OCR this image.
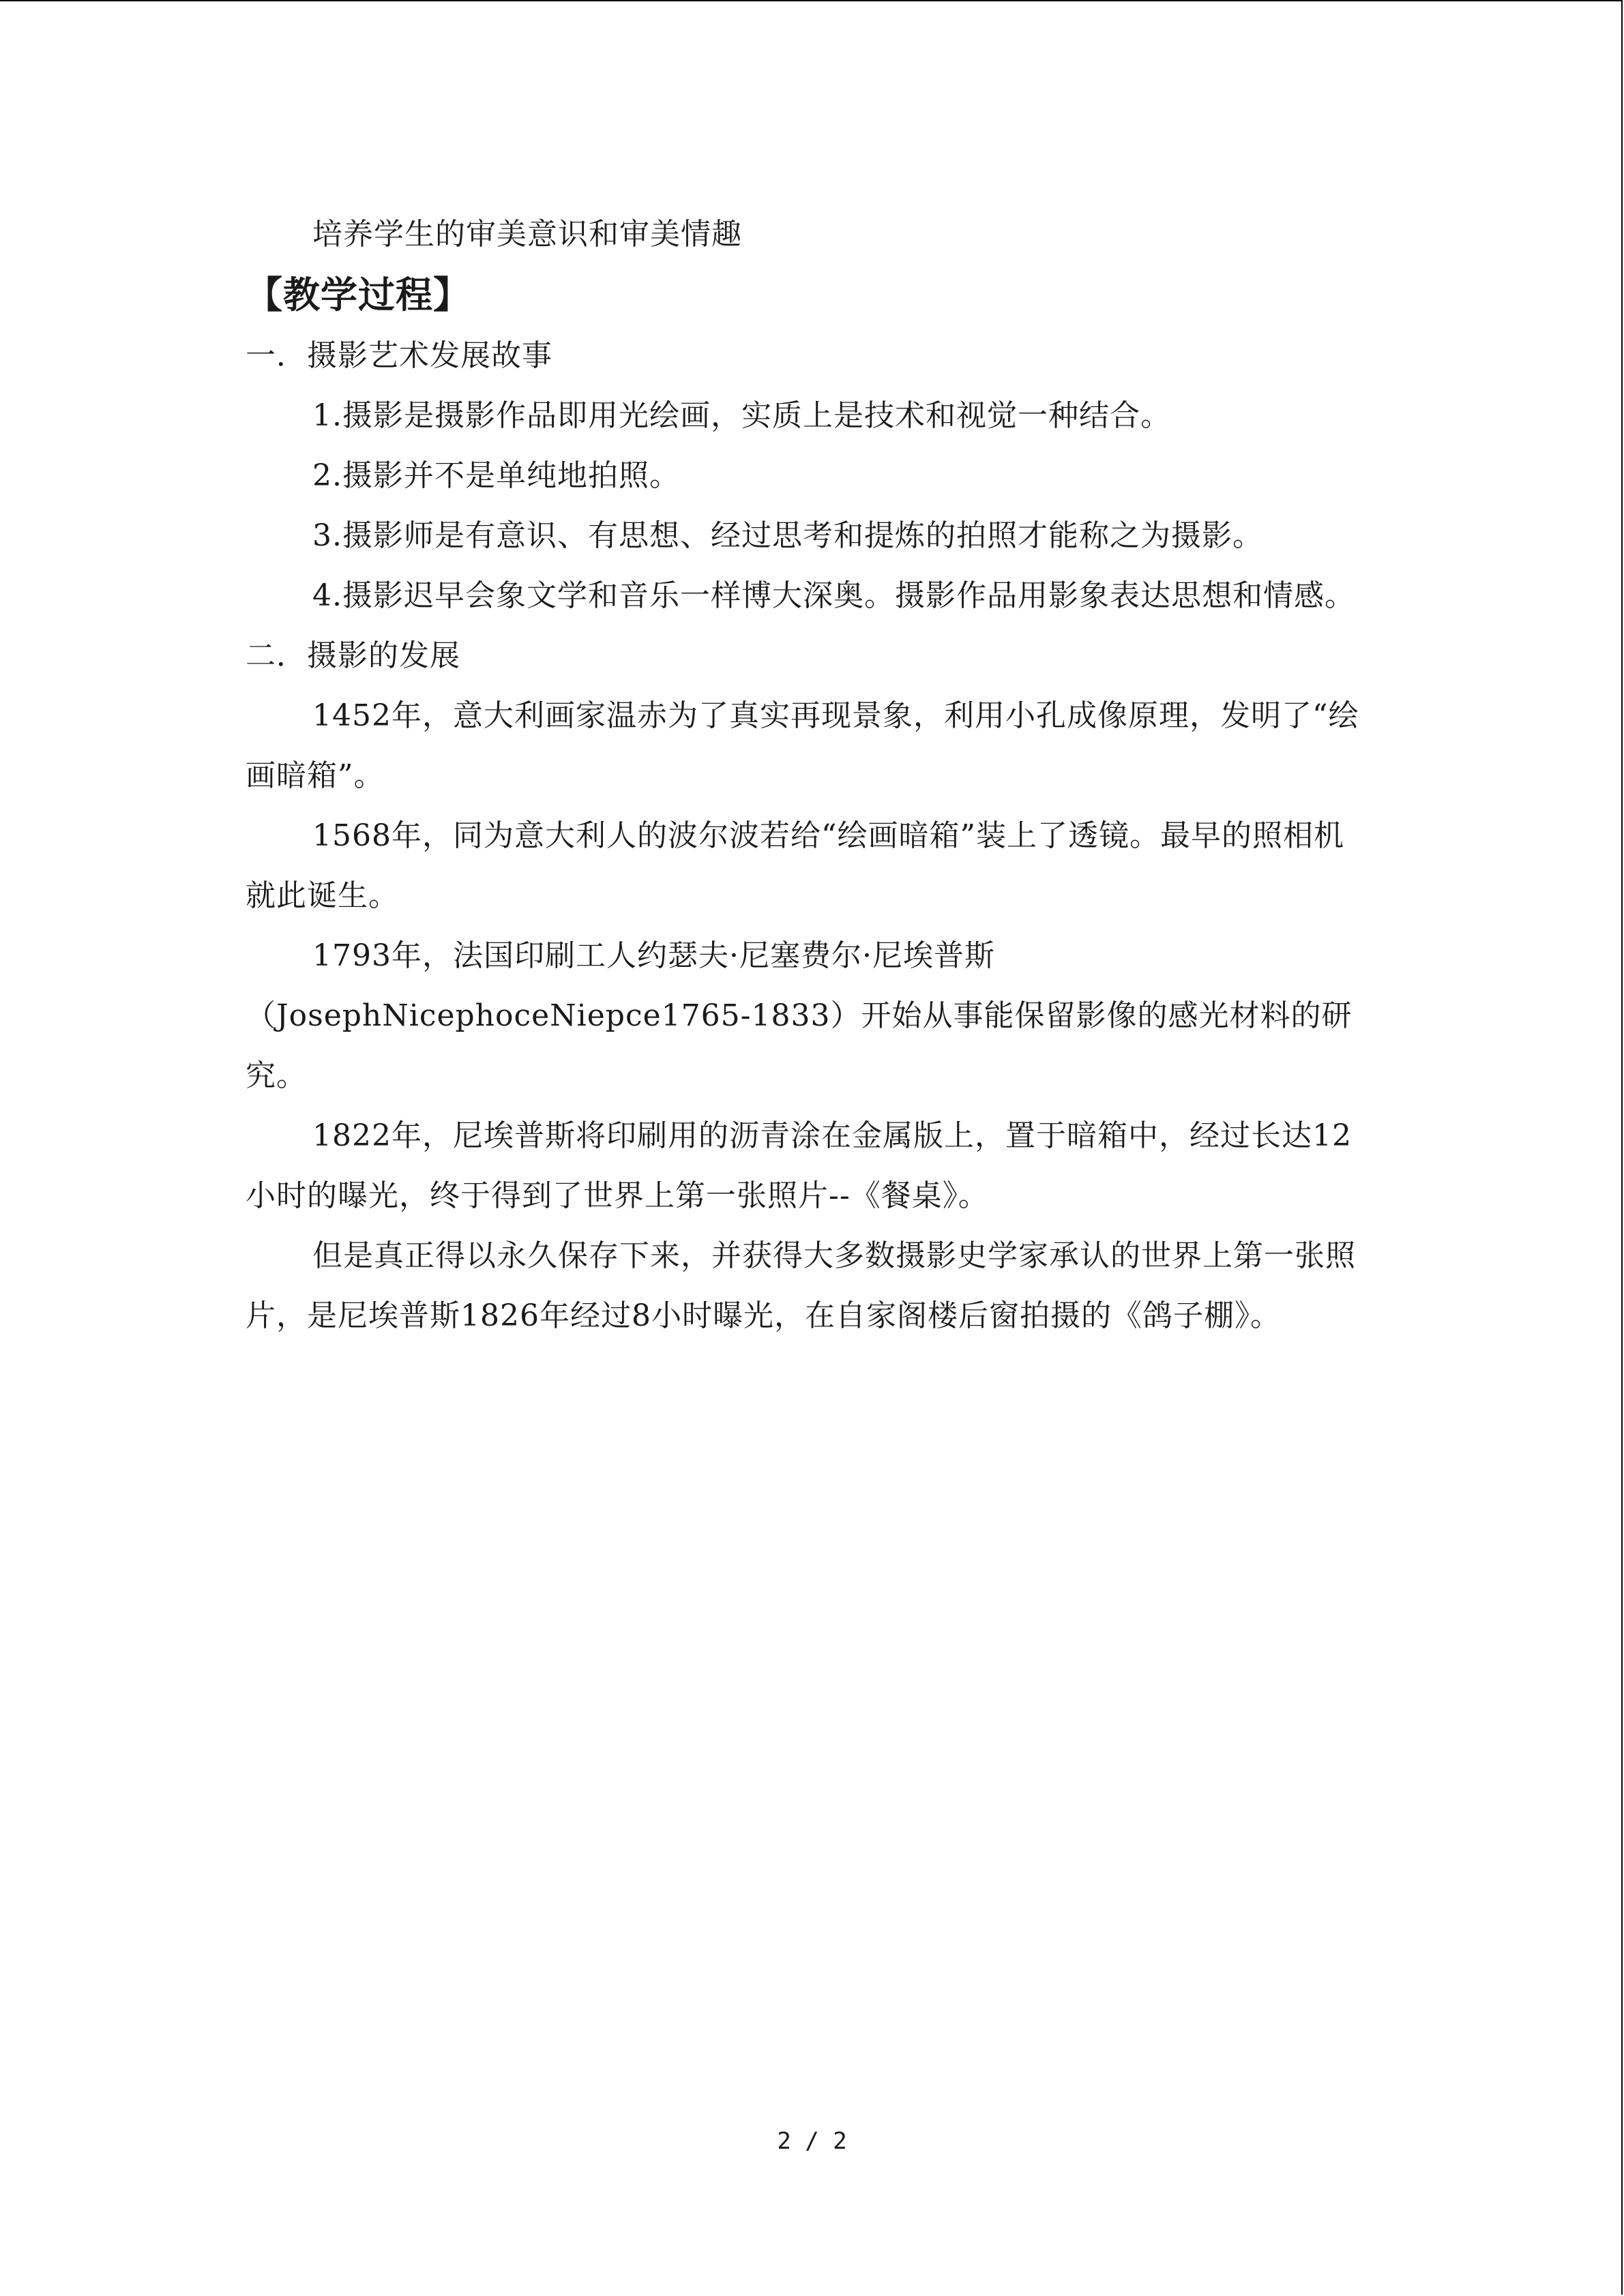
培养学生的审美意识和审美情趣

【教学过程】

一．摄影艺术发展故事

1.摄影是摄影作品即用光绘画，实质上是技术和视觉一种结合。

2.摄影并不是单纯地拍照。

3.摄影师是有意识、有思想、经过思考和提炼的拍照才能称之为摄影。

4.摄影迟早会象文学和音乐一样博大深奥。摄影作品用影象表达思想和情感。

二．摄影的发展

1452年，意大利画家温赤为了真实再现景象，利用小孔成像原理，发明了“绘画暗箱”。

1568年，同为意大利人的波尔波若给“绘画暗箱”装上了透镜。最早的照相机就此诞生。

1793年，法国印刷工人约瑟夫·尼塞费尔·尼埃普斯（JosephNicephoceNiepce1765-1833）开始从事能保留影像的感光材料的研究。

1822年，尼埃普斯将印刷用的沥青涂在金属版上，置于暗箱中，经过长达12小时的曝光，终于得到了世界上第一张照片--《餐桌》。

但是真正得以永久保存下来，并获得大多数摄影史学家承认的世界上第一张照片，是尼埃普斯1826年经过8小时曝光，在自家阁楼后窗拍摄的《鸽子棚》。

2 / 2
